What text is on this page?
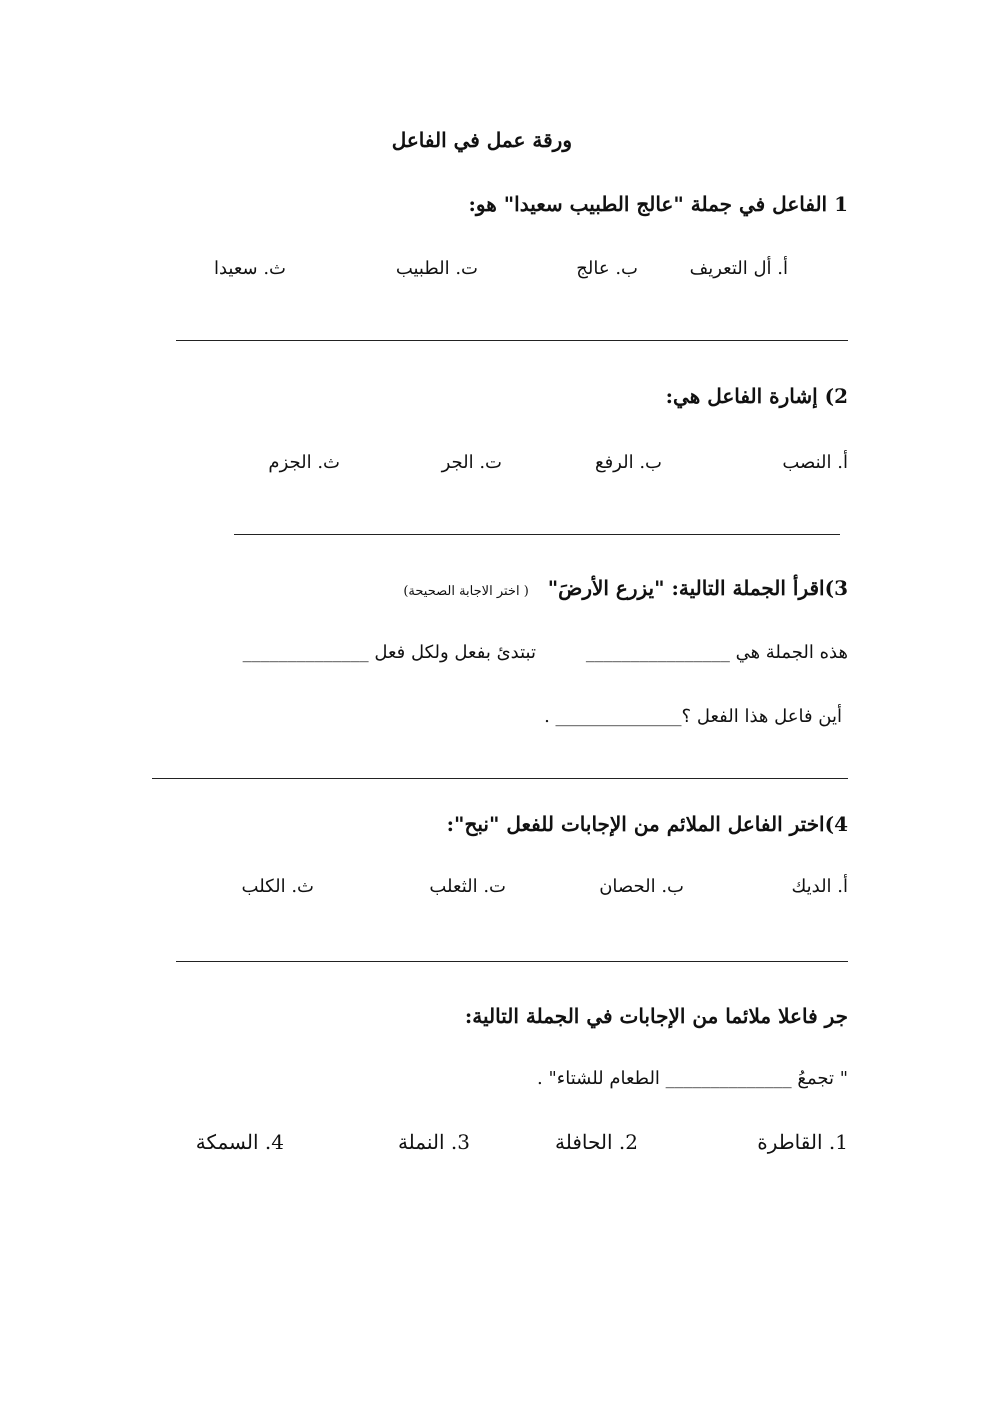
ورقة عمل في الفاعل
1 الفاعل في جملة "عالج الطبيب سعيدا" هو:
أ. أل التعريف
ب. عالج
ت. الطبيب
ث. سعيدا
2) إشارة الفاعل هي:
أ. النصب
ب. الرفع
ت. الجر
ث. الجزم
3)اقرأ الجملة التالية: "يزرع الأرضَ" ( اختر الاجابة الصحيحة)
هذه الجملة هي ________________
تبتدئ بفعل ولكل فعل ______________
أين فاعل هذا الفعل ؟______________ .
4)اختر الفاعل الملائم من الإجابات للفعل "نبح":
أ. الديك
ب. الحصان
ت. الثعلب
ث. الكلب
جر فاعلا ملائما من الإجابات في الجملة التالية:
" تجمعُ ______________ الطعام للشتاء" .
1. القاطرة
2. الحافلة
3. النملة
4. السمكة
